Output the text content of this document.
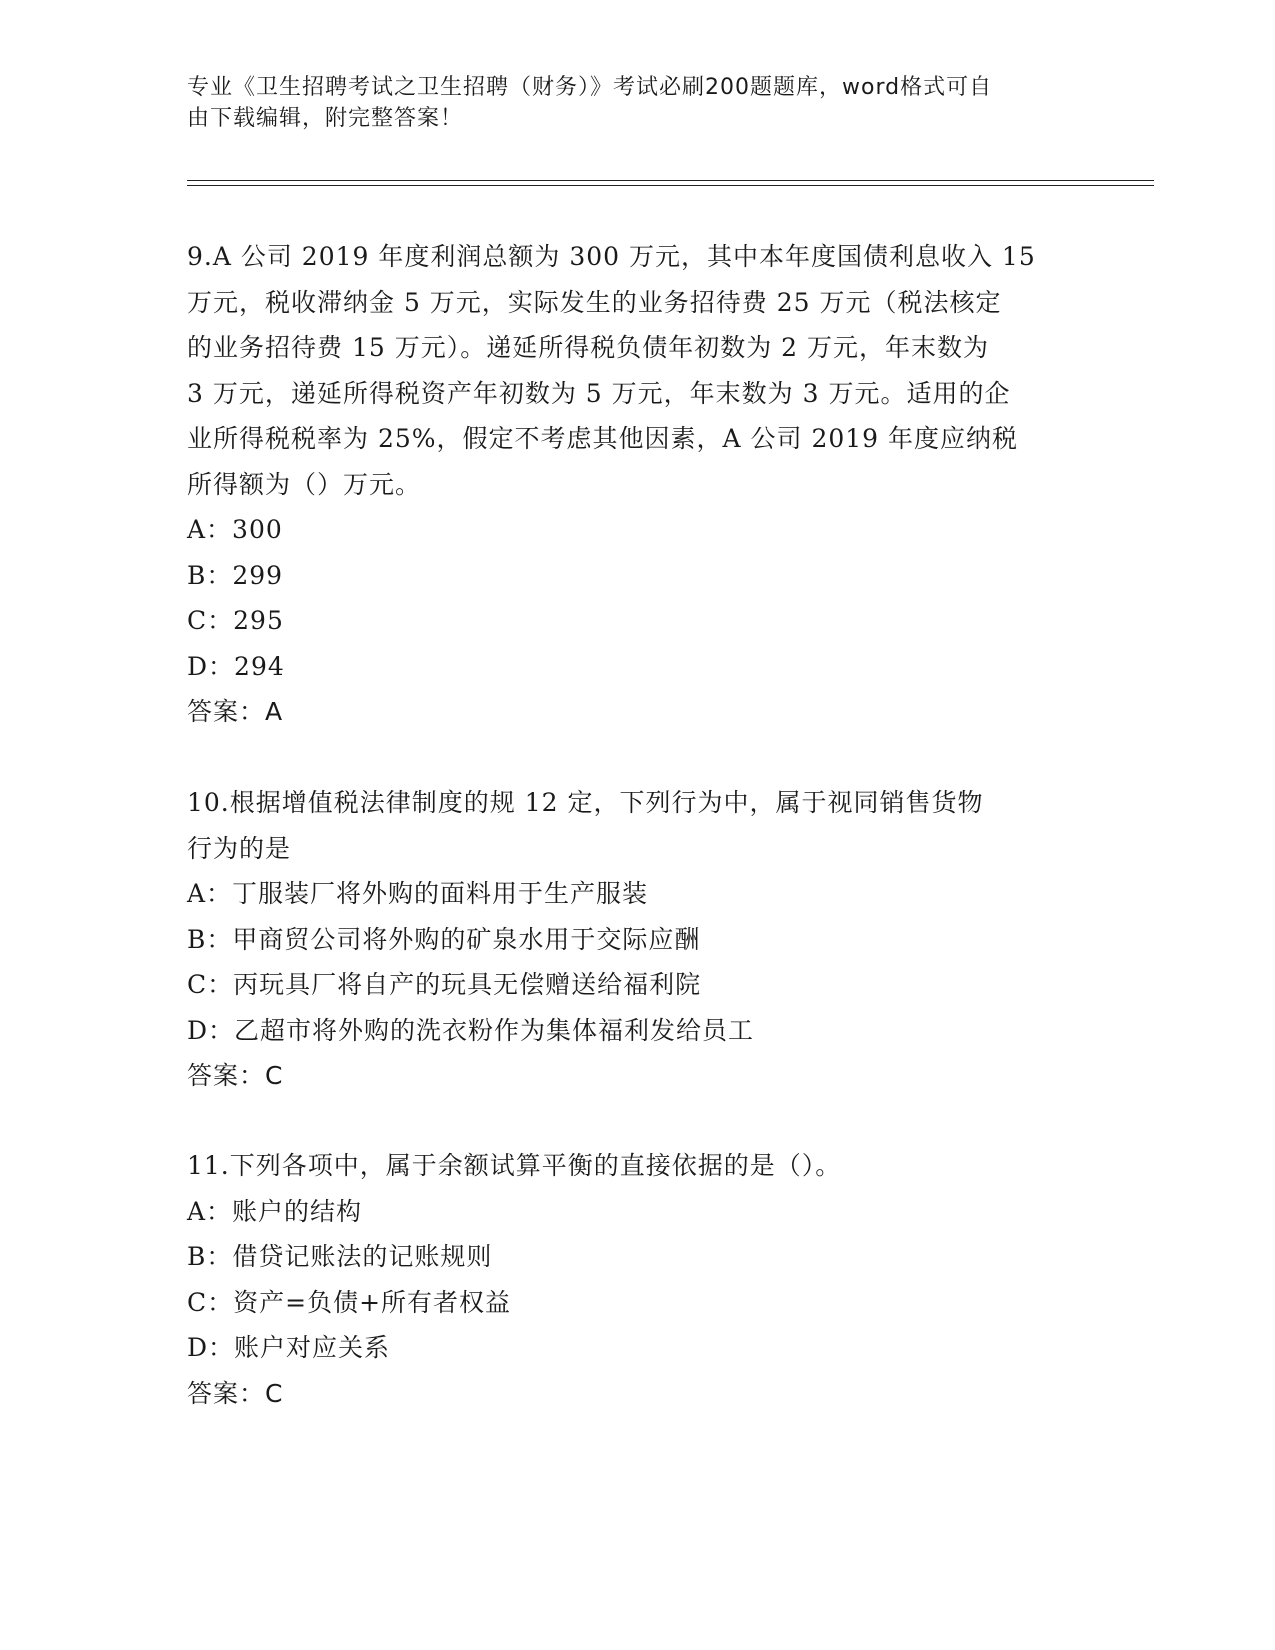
专业《卫生招聘考试之卫生招聘（财务）》考试必刷200题题库，word格式可自
由下载编辑，附完整答案！
9.A 公司 2019 年度利润总额为 300 万元，其中本年度国债利息收入 15
万元，税收滞纳金 5 万元，实际发生的业务招待费 25 万元（税法核定
的业务招待费 15 万元）。递延所得税负债年初数为 2 万元，年末数为
3 万元，递延所得税资产年初数为 5 万元，年末数为 3 万元。适用的企
业所得税税率为 25%，假定不考虑其他因素，A 公司 2019 年度应纳税
所得额为（）万元。
A：300
B：299
C：295
D：294
答案：A
10.根据增值税法律制度的规 12 定，下列行为中，属于视同销售货物
行为的是
A：丁服装厂将外购的面料用于生产服装
B：甲商贸公司将外购的矿泉水用于交际应酬
C：丙玩具厂将自产的玩具无偿赠送给福利院
D：乙超市将外购的洗衣粉作为集体福利发给员工
答案：C
11.下列各项中，属于余额试算平衡的直接依据的是（）。
A：账户的结构
B：借贷记账法的记账规则
C：资产=负债+所有者权益
D：账户对应关系
答案：C
